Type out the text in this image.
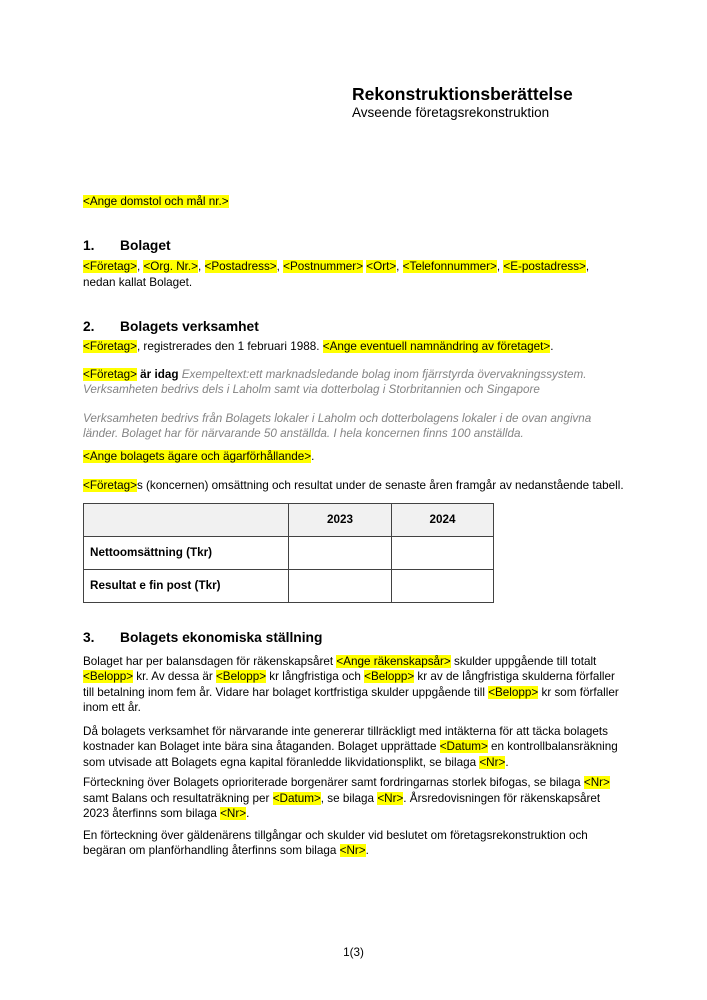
Rekonstruktionsberättelse
Avseende företagsrekonstruktion

<Ange domstol och mål nr.>

1.	Bolaget

<Företag>, <Org. Nr.>, <Postadress>, <Postnummer> <Ort>, <Telefonnummer>, <E-postadress>, nedan kallat Bolaget.

2.	Bolagets verksamhet

<Företag>, registrerades den 1 februari 1988. <Ange eventuell namnändring av företaget>.

<Företag> är idag Exempeltext:ett marknadsledande bolag inom fjärrstyrda övervakningssystem. Verksamheten bedrivs dels i Laholm samt via dotterbolag i Storbritannien och Singapore

Verksamheten bedrivs från Bolagets lokaler i Laholm och dotterbolagens lokaler i de ovan angivna länder. Bolaget har för närvarande 50 anställda. I hela koncernen finns 100 anställda.

<Ange bolagets ägare och ägarförhållande>.

<Företag>s (koncernen) omsättning och resultat under de senaste åren framgår av nedanstående tabell.

	2023	2024
Nettoomsättning (Tkr)		
Resultat e fin post (Tkr)		
3.	Bolagets ekonomiska ställning

Bolaget har per balansdagen för räkenskapsåret <Ange räkenskapsår> skulder uppgående till totalt <Belopp> kr. Av dessa är <Belopp> kr långfristiga och <Belopp> kr av de långfristiga skulderna förfaller till betalning inom fem år. Vidare har bolaget kortfristiga skulder uppgående till <Belopp> kr som förfaller inom ett år.

Då bolagets verksamhet för närvarande inte genererar tillräckligt med intäkterna för att täcka bolagets kostnader kan Bolaget inte bära sina åtaganden. Bolaget upprättade <Datum> en kontrollbalansräkning som utvisade att Bolagets egna kapital föranledde likvidationsplikt, se bilaga <Nr>.

Förteckning över Bolagets oprioriterade borgenärer samt fordringarnas storlek bifogas, se bilaga <Nr> samt Balans och resultaträkning per <Datum>, se bilaga <Nr>. Årsredovisningen för räkenskapsåret 2023 återfinns som bilaga <Nr>.

En förteckning över gäldenärens tillgångar och skulder vid beslutet om företagsrekonstruktion och begäran om planförhandling återfinns som bilaga <Nr>.

1(3)
